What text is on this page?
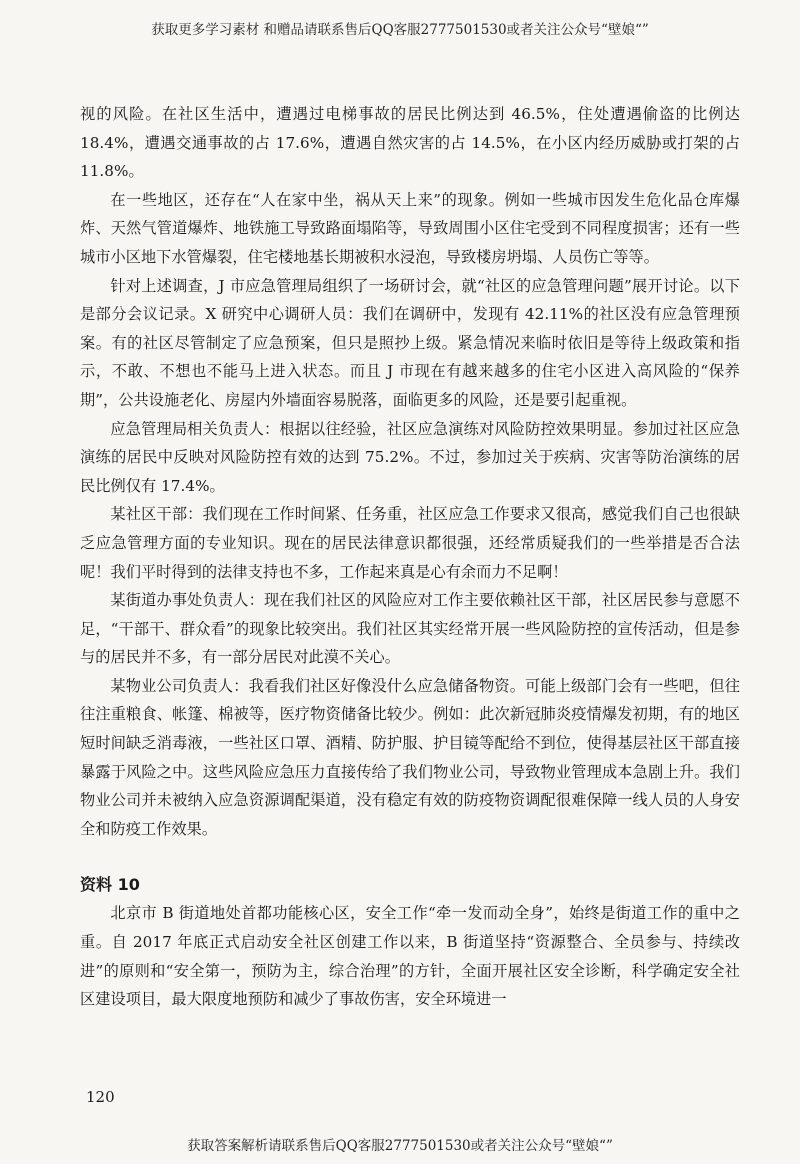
获取更多学习素材 和赠品请联系售后QQ客服2777501530或者关注公众号“壁娘“”

视的风险。在社区生活中，遭遇过电梯事故的居民比例达到 46.5%，住处遭遇偷盗的比例达 18.4%，遭遇交通事故的占 17.6%，遭遇自然灾害的占 14.5%，在小区内经历威胁或打架的占 11.8%。

在一些地区，还存在“人在家中坐，祸从天上来”的现象。例如一些城市因发生危化品仓库爆炸、天然气管道爆炸、地铁施工导致路面塌陷等，导致周围小区住宅受到不同程度损害；还有一些城市小区地下水管爆裂，住宅楼地基长期被积水浸泡，导致楼房坍塌、人员伤亡等等。

针对上述调查，J 市应急管理局组织了一场研讨会，就“社区的应急管理问题”展开讨论。以下是部分会议记录。X 研究中心调研人员：我们在调研中，发现有 42.11%的社区没有应急管理预案。有的社区尽管制定了应急预案，但只是照抄上级。紧急情况来临时依旧是等待上级政策和指示，不敢、不想也不能马上进入状态。而且 J 市现在有越来越多的住宅小区进入高风险的“保养期”，公共设施老化、房屋内外墙面容易脱落，面临更多的风险，还是要引起重视。

应急管理局相关负责人：根据以往经验，社区应急演练对风险防控效果明显。参加过社区应急演练的居民中反映对风险防控有效的达到 75.2%。不过，参加过关于疾病、灾害等防治演练的居民比例仅有 17.4%。

某社区干部：我们现在工作时间紧、任务重，社区应急工作要求又很高，感觉我们自己也很缺乏应急管理方面的专业知识。现在的居民法律意识都很强，还经常质疑我们的一些举措是否合法呢！我们平时得到的法律支持也不多，工作起来真是心有余而力不足啊！

某街道办事处负责人：现在我们社区的风险应对工作主要依赖社区干部，社区居民参与意愿不足，“干部干、群众看”的现象比较突出。我们社区其实经常开展一些风险防控的宣传活动，但是参与的居民并不多，有一部分居民对此漠不关心。

某物业公司负责人：我看我们社区好像没什么应急储备物资。可能上级部门会有一些吧，但往往注重粮食、帐篷、棉被等，医疗物资储备比较少。例如：此次新冠肺炎疫情爆发初期，有的地区短时间缺乏消毒液，一些社区口罩、酒精、防护服、护目镜等配给不到位，使得基层社区干部直接暴露于风险之中。这些风险应急压力直接传给了我们物业公司，导致物业管理成本急剧上升。我们物业公司并未被纳入应急资源调配渠道，没有稳定有效的防疫物资调配很难保障一线人员的人身安全和防疫工作效果。

资料 10

北京市 B 街道地处首都功能核心区，安全工作“牵一发而动全身”，始终是街道工作的重中之重。自 2017 年底正式启动安全社区创建工作以来，B 街道坚持“资源整合、全员参与、持续改进”的原则和“安全第一，预防为主，综合治理”的方针，全面开展社区安全诊断，科学确定安全社区建设项目，最大限度地预防和减少了事故伤害，安全环境进一

120
获取答案解析请联系售后QQ客服2777501530或者关注公众号“壁娘“”
